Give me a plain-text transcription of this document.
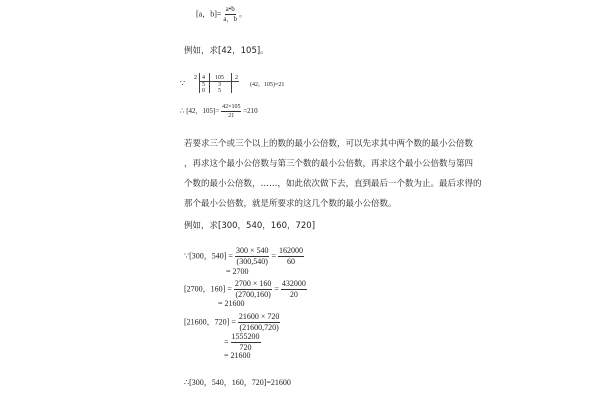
[a，$b]= \frac{a•b}{a,b}$ 。
例如，求[42，105]。
∵
2 4
5
0
105
3
5
2
(42，105)=21
∴ [42，$105]= \frac{42\times 105}{21} =210$
若要求三个或三个以上的数的最小公倍数，可以先求其中两个数的最小公倍数
，再求这个最小公倍数与第三个数的最小公倍数，再求这个最小公倍数与第四
个数的最小公倍数，……，如此依次做下去，直到最后一个数为止。最后求得的
那个最小公倍数，就是所要求的这几个数的最小公倍数。
例如，求[300，540，160，720]
∵[300，$540] = \frac{300 \times 540}{(300,540)} = \frac{162000}{60}$
= 2700
[2700，$160] = \frac{2700 \times 160}{(2700,160)} = \frac{432000}{20}$
= 21600
[21600，$720] = \frac{21600 \times 720}{(21600,720)}$
= $\frac{1555200}{720}$
= 21600
∴[300，540，160，720]=21600
